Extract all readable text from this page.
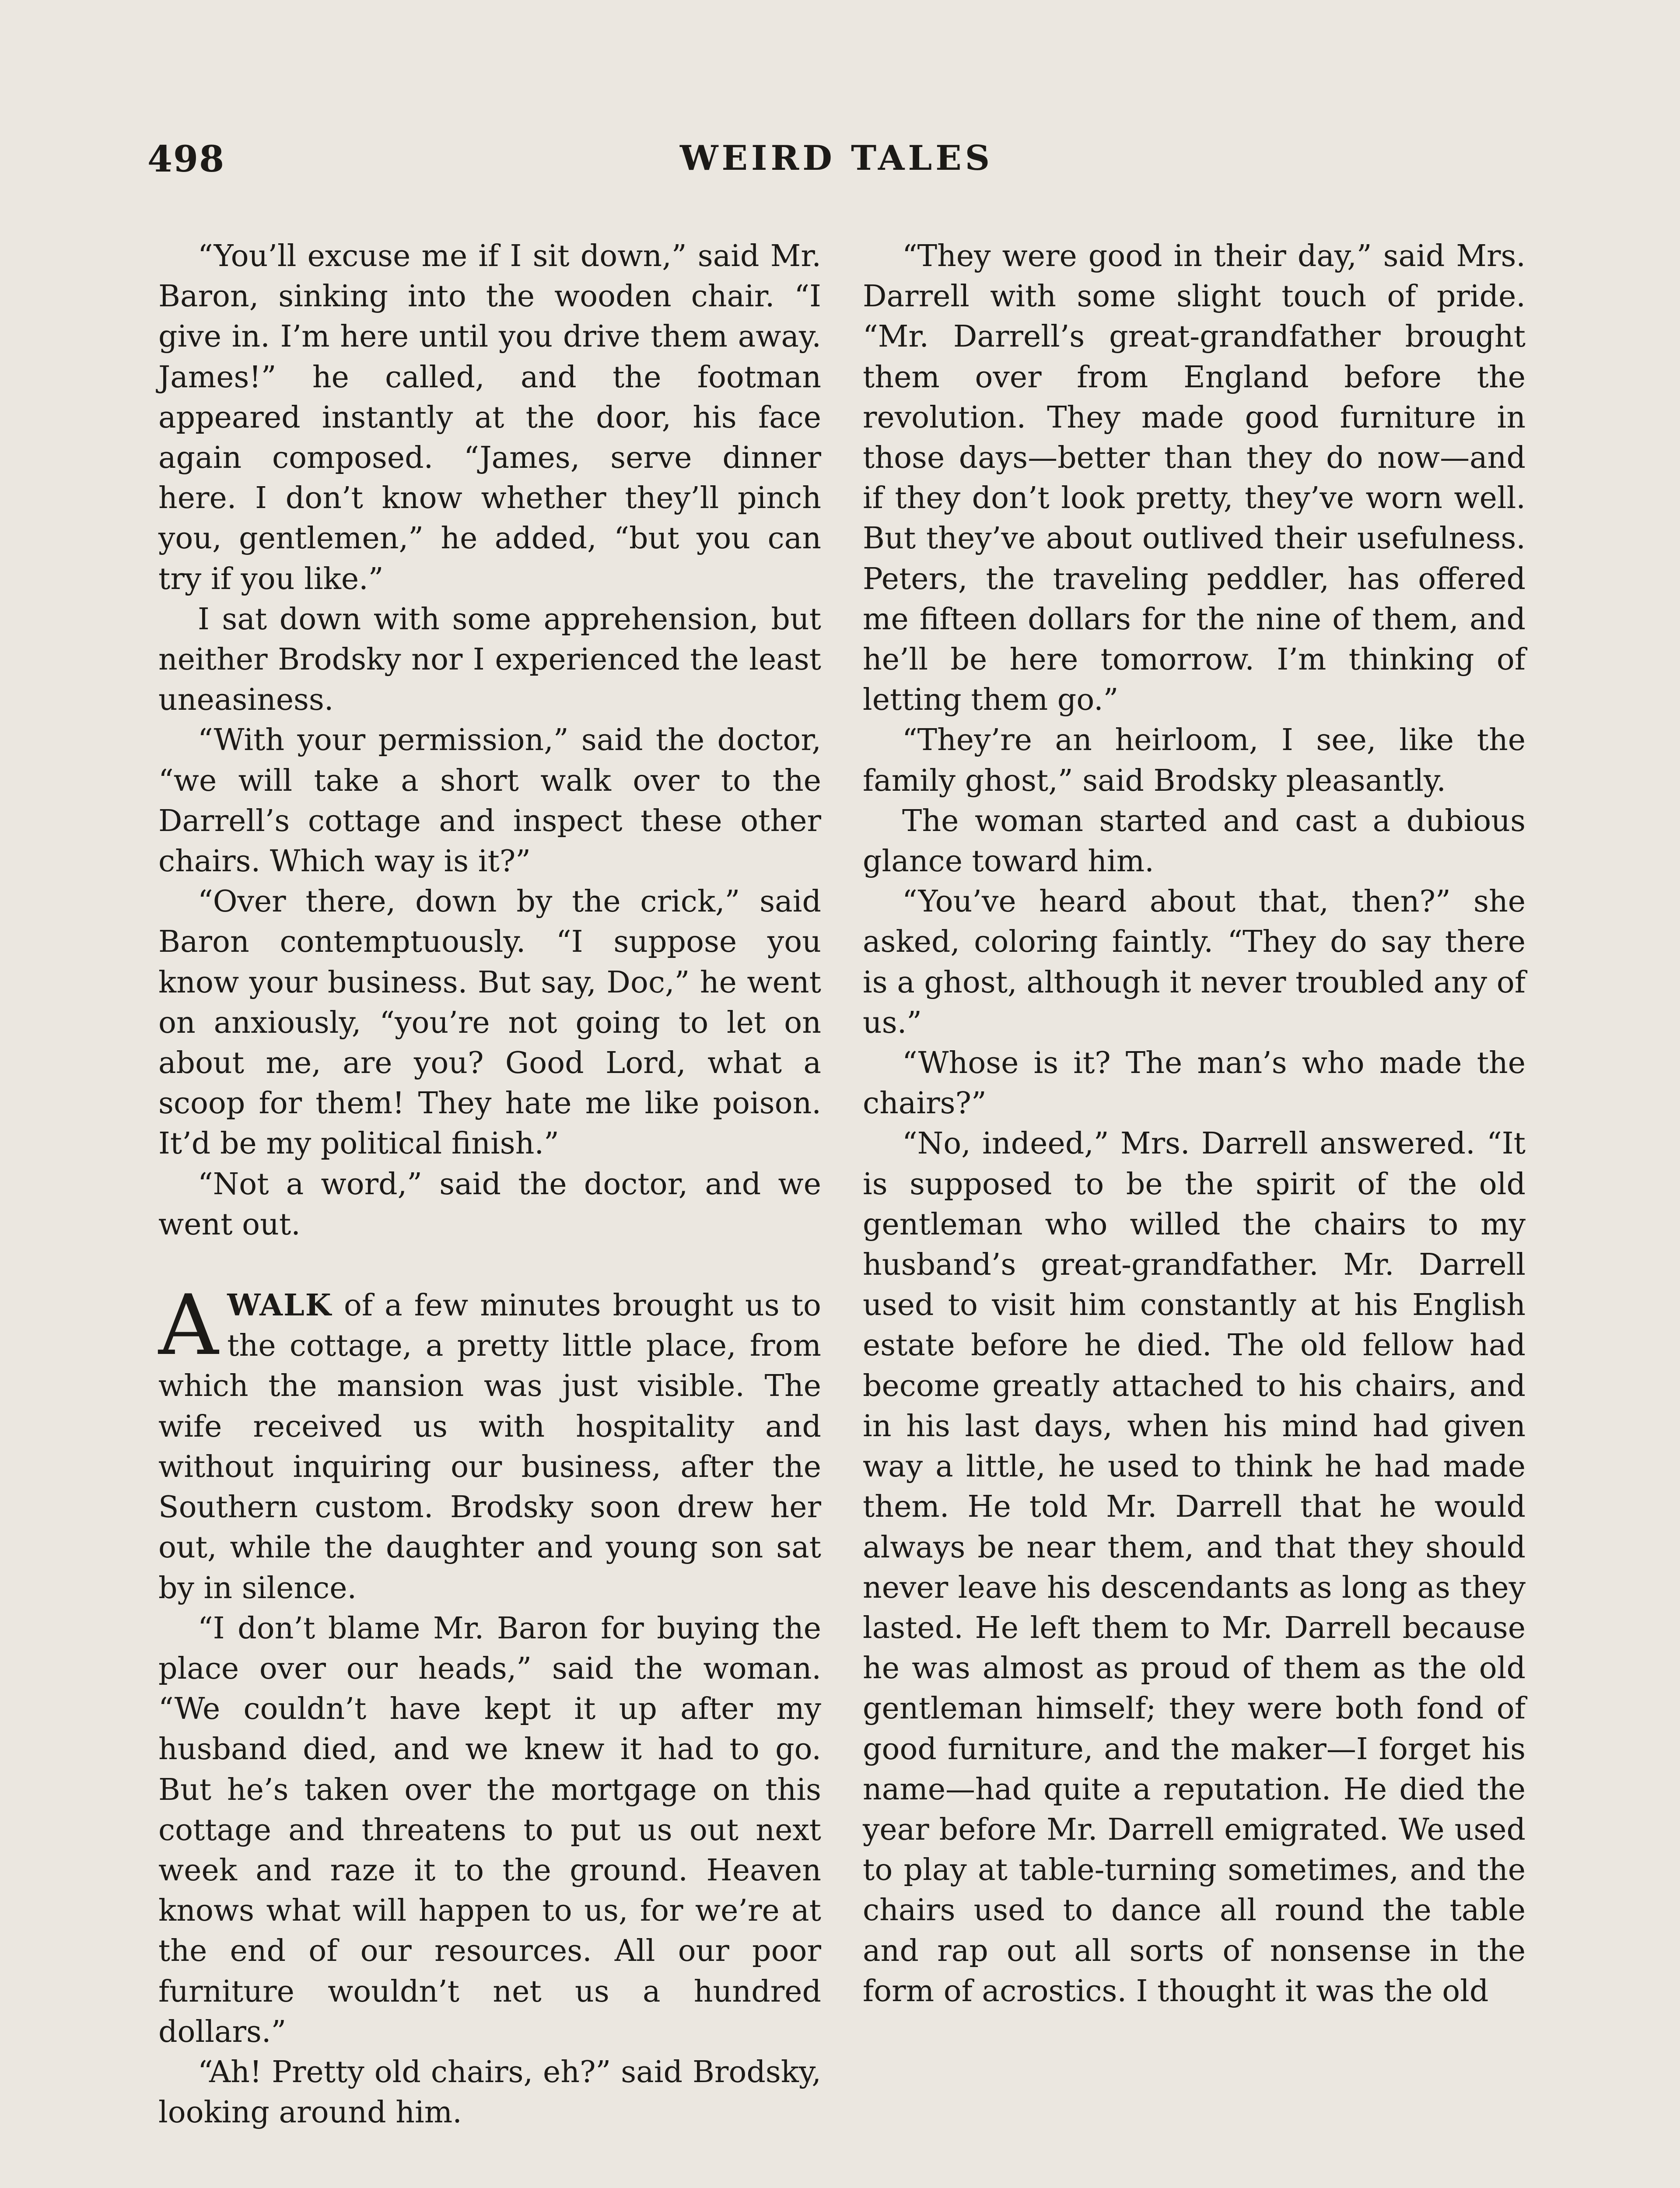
498	WEIRD TALES

“You’ll excuse me if I sit down,” said Mr. Baron, sinking into the wooden chair. “I give in. I’m here until you drive them away. James!” he called, and the footman appeared instantly at the door, his face again composed. “James, serve dinner here. I don’t know whether they’ll pinch you, gentlemen,” he added, “but you can try if you like.”

I sat down with some apprehension, but neither Brodsky nor I experienced the least uneasiness.

“With your permission,” said the doctor, “we will take a short walk over to the Darrell’s cottage and inspect these other chairs. Which way is it?”

“Over there, down by the crick,” said Baron contemptuously. “I suppose you know your business. But say, Doc,” he went on anxiously, “you’re not going to let on about me, are you? Good Lord, what a scoop for them! They hate me like poison. It’d be my political finish.”

“Not a word,” said the doctor, and we went out.

AWALK of a few minutes brought us to the cottage, a pretty little place, from which the mansion was just visible. The wife received us with hospitality and without inquiring our business, after the Southern custom. Brodsky soon drew her out, while the daughter and young son sat by in silence.

“I don’t blame Mr. Baron for buying the place over our heads,” said the woman. “We couldn’t have kept it up after my husband died, and we knew it had to go. But he’s taken over the mortgage on this cottage and threatens to put us out next week and raze it to the ground. Heaven knows what will happen to us, for we’re at the end of our resources. All our poor furniture wouldn’t net us a hundred dollars.”

“Ah! Pretty old chairs, eh?” said Brodsky, looking around him.

“They were good in their day,” said Mrs. Darrell with some slight touch of pride. “Mr. Darrell’s great-grandfather brought them over from England before the revolution. They made good furniture in those days—better than they do now—and if they don’t look pretty, they’ve worn well. But they’ve about outlived their usefulness. Peters, the traveling peddler, has offered me fifteen dollars for the nine of them, and he’ll be here tomorrow. I’m thinking of letting them go.”

“They’re an heirloom, I see, like the family ghost,” said Brodsky pleasantly.

The woman started and cast a dubious glance toward him.

“You’ve heard about that, then?” she asked, coloring faintly. “They do say there is a ghost, although it never troubled any of us.”

“Whose is it? The man’s who made the chairs?”

“No, indeed,” Mrs. Darrell answered. “It is supposed to be the spirit of the old gentleman who willed the chairs to my husband’s great-grandfather. Mr. Darrell used to visit him constantly at his English estate before he died. The old fellow had become greatly attached to his chairs, and in his last days, when his mind had given way a little, he used to think he had made them. He told Mr. Darrell that he would always be near them, and that they should never leave his descendants as long as they lasted. He left them to Mr. Darrell because he was almost as proud of them as the old gentleman himself; they were both fond of good furniture, and the maker—I forget his name—had quite a reputation. He died the year before Mr. Darrell emigrated. We used to play at table-turning sometimes, and the chairs used to dance all round the table and rap out all sorts of nonsense in the form of acrostics. I thought it was the old
